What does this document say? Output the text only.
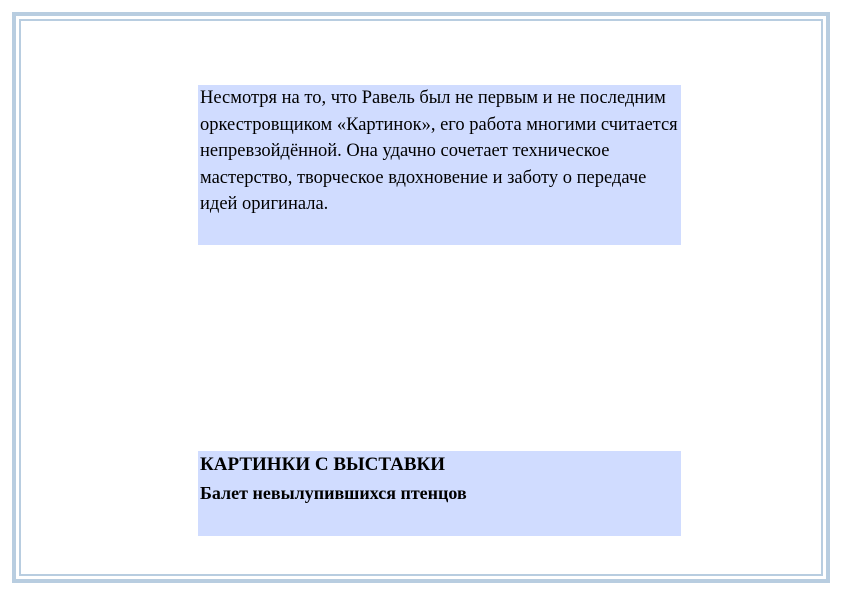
Несмотря на то, что Равель был не первым и не последним оркестровщиком «Картинок», его работа многими считается непревзойдённой. Она удачно сочетает техническое мастерство, творческое вдохновение и заботу о передаче идей оригинала.

КАРТИНКИ С ВЫСТАВКИ

Балет невылупившихся птенцов
